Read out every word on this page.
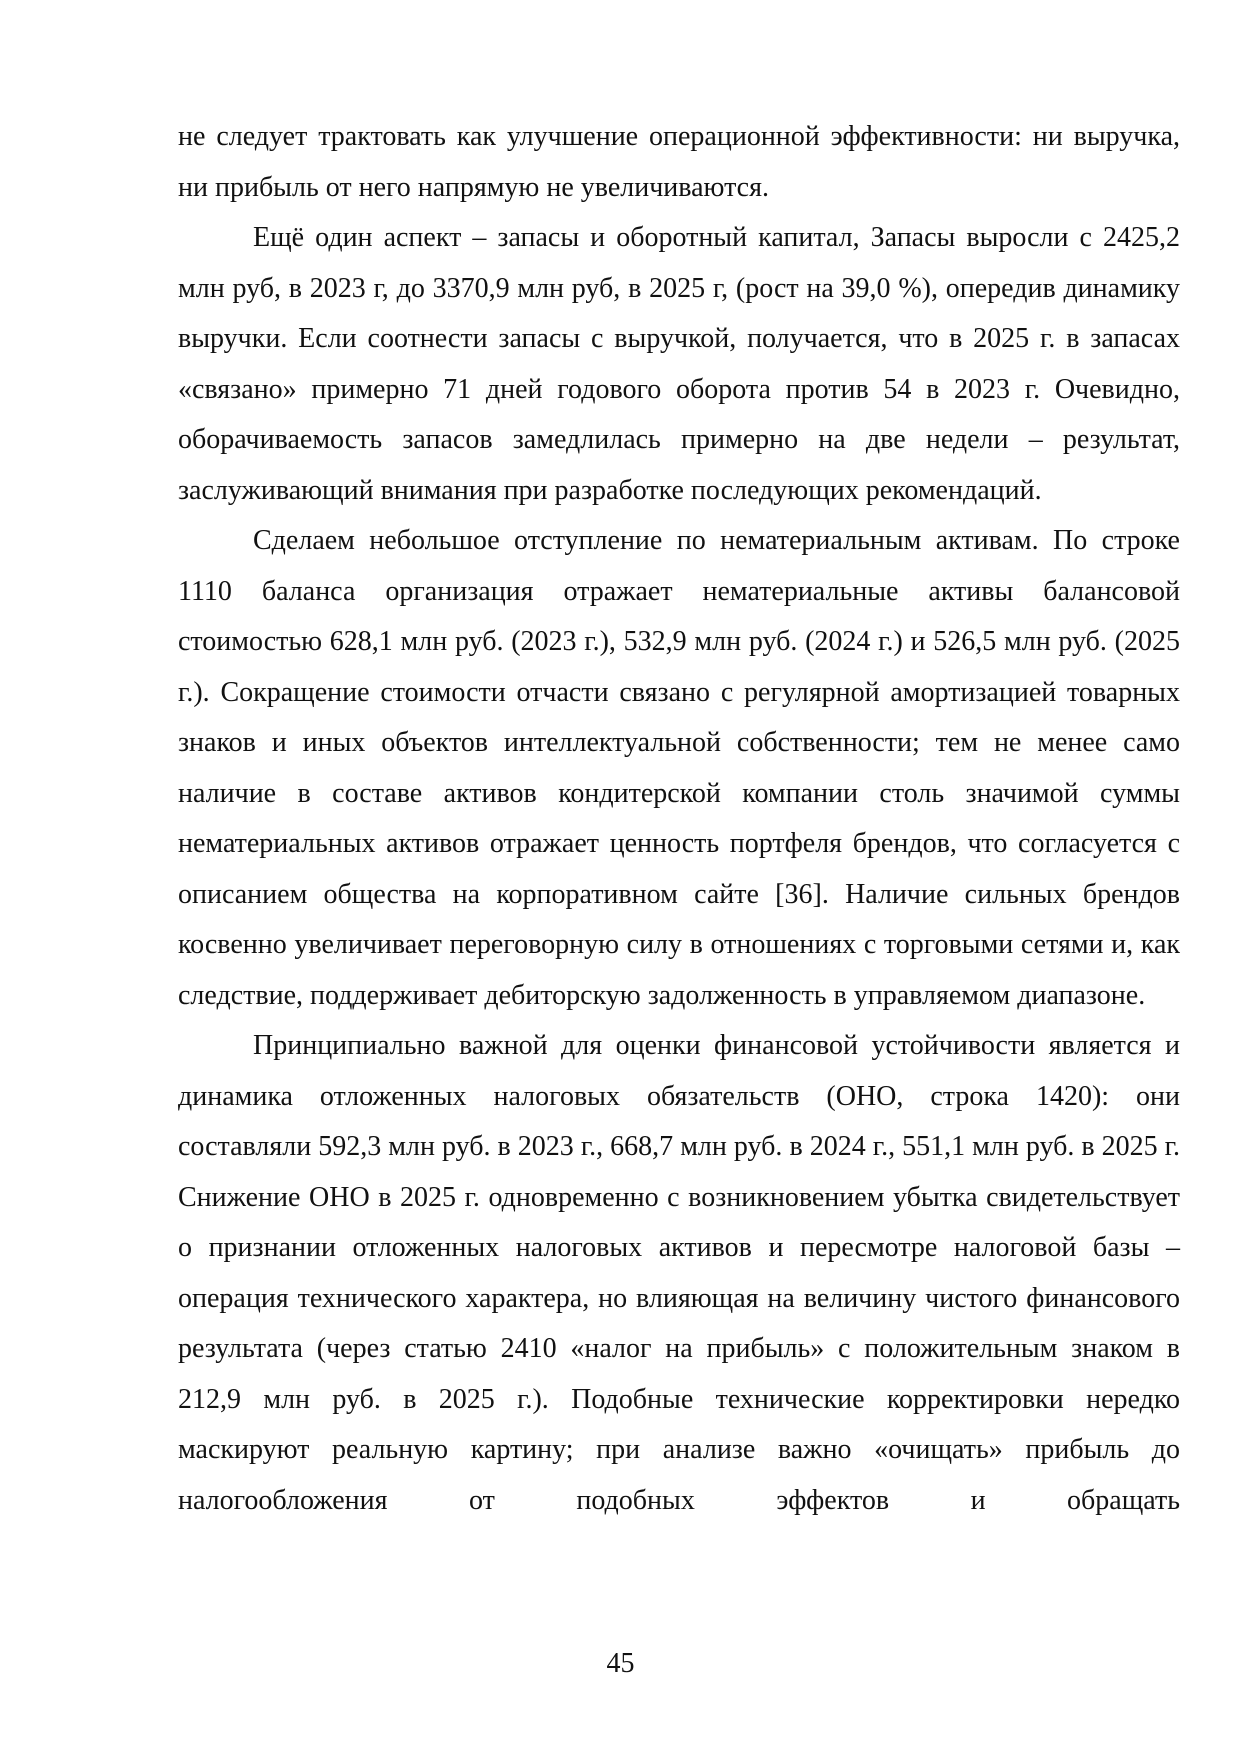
не следует трактовать как улучшение операционной эффективности: ни выручка, ни прибыль от него напрямую не увеличиваются.

Ещё один аспект – запасы и оборотный капитал, Запасы выросли с 2425,2 млн руб, в 2023 г, до 3370,9 млн руб, в 2025 г, (рост на 39,0 %), опередив динамику выручки. Если соотнести запасы с выручкой, получается, что в 2025 г. в запасах «связано» примерно 71 дней годового оборота против 54 в 2023 г. Очевидно, оборачиваемость запасов замедлилась примерно на две недели – результат, заслуживающий внимания при разработке последующих рекомендаций.

Сделаем небольшое отступление по нематериальным активам. По строке 1110 баланса организация отражает нематериальные активы балансовой стоимостью 628,1 млн руб. (2023 г.), 532,9 млн руб. (2024 г.) и 526,5 млн руб. (2025 г.). Сокращение стоимости отчасти связано с регулярной амортизацией товарных знаков и иных объектов интеллектуальной собственности; тем не менее само наличие в составе активов кондитерской компании столь значимой суммы нематериальных активов отражает ценность портфеля брендов, что согласуется с описанием общества на корпоративном сайте [36]. Наличие сильных брендов косвенно увеличивает переговорную силу в отношениях с торговыми сетями и, как следствие, поддерживает дебиторскую задолженность в управляемом диапазоне.

Принципиально важной для оценки финансовой устойчивости является и динамика отложенных налоговых обязательств (ОНО, строка 1420): они составляли 592,3 млн руб. в 2023 г., 668,7 млн руб. в 2024 г., 551,1 млн руб. в 2025 г. Снижение ОНО в 2025 г. одновременно с возникновением убытка свидетельствует о признании отложенных налоговых активов и пересмотре налоговой базы – операция технического характера, но влияющая на величину чистого финансового результата (через статью 2410 «налог на прибыль» с положительным знаком в 212,9 млн руб. в 2025 г.). Подобные технические корректировки нередко маскируют реальную картину; при анализе важно «очищать» прибыль до налогообложения от подобных эффектов и обращать

45
